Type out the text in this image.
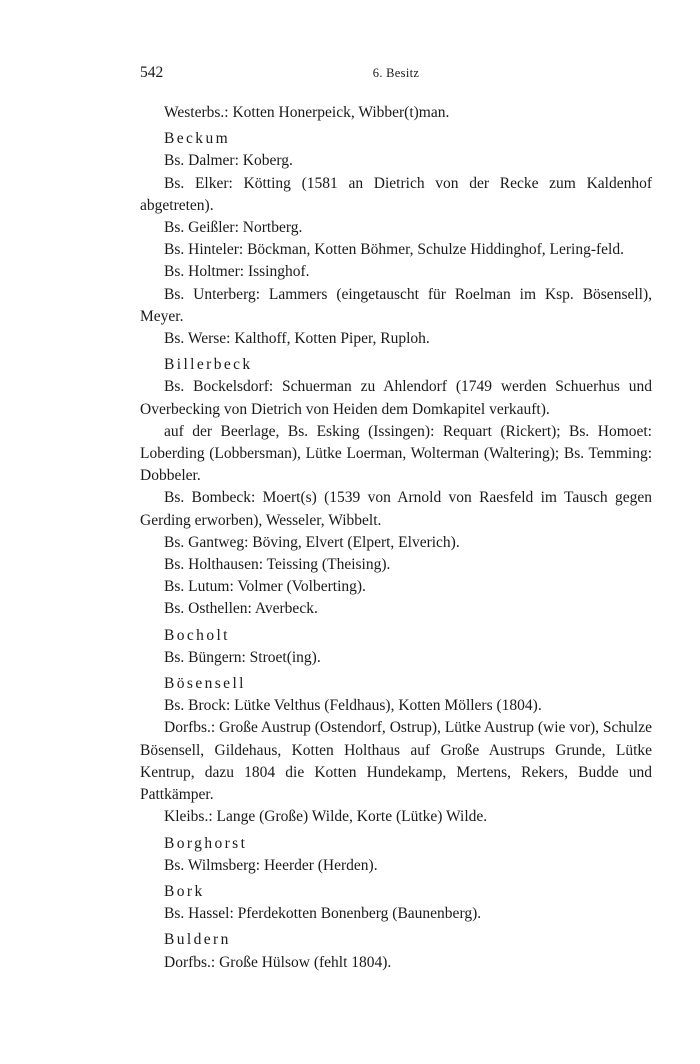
542	6. Besitz

Westerbs.: Kotten Honerpeick, Wibber(t)man.

Beckum

Bs. Dalmer: Koberg.

Bs. Elker: Kötting (1581 an Dietrich von der Recke zum Kaldenhof abgetreten).

Bs. Geißler: Nortberg.

Bs. Hinteler: Böckman, Kotten Böhmer, Schulze Hiddinghof, Lering-feld.

Bs. Holtmer: Issinghof.

Bs. Unterberg: Lammers (eingetauscht für Roelman im Ksp. Bösensell), Meyer.

Bs. Werse: Kalthoff, Kotten Piper, Ruploh.

Billerbeck

Bs. Bockelsdorf: Schuerman zu Ahlendorf (1749 werden Schuerhus und Overbecking von Dietrich von Heiden dem Domkapitel verkauft).

auf der Beerlage, Bs. Esking (Issingen): Requart (Rickert); Bs. Homoet: Loberding (Lobbersman), Lütke Loerman, Wolterman (Waltering); Bs. Temming: Dobbeler.

Bs. Bombeck: Moert(s) (1539 von Arnold von Raesfeld im Tausch gegen Gerding erworben), Wesseler, Wibbelt.

Bs. Gantweg: Böving, Elvert (Elpert, Elverich).

Bs. Holthausen: Teissing (Theising).

Bs. Lutum: Volmer (Volberting).

Bs. Osthellen: Averbeck.

Bocholt

Bs. Büngern: Stroet(ing).

Bösensell

Bs. Brock: Lütke Velthus (Feldhaus), Kotten Möllers (1804).

Dorfbs.: Große Austrup (Ostendorf, Ostrup), Lütke Austrup (wie vor), Schulze Bösensell, Gildehaus, Kotten Holthaus auf Große Austrups Grunde, Lütke Kentrup, dazu 1804 die Kotten Hundekamp, Mertens, Rekers, Budde und Pattkämper.

Kleibs.: Lange (Große) Wilde, Korte (Lütke) Wilde.

Borghorst

Bs. Wilmsberg: Heerder (Herden).

Bork

Bs. Hassel: Pferdekotten Bonenberg (Baunenberg).

Buldern

Dorfbs.: Große Hülsow (fehlt 1804).
